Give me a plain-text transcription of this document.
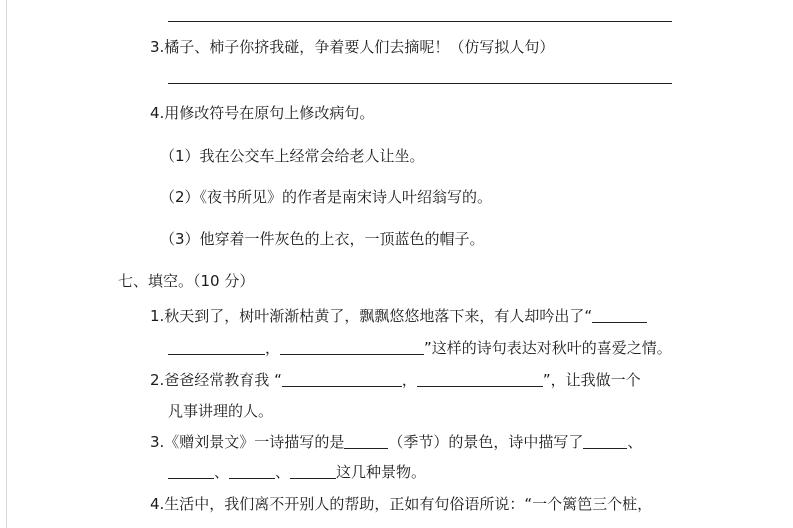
3.橘子、柿子你挤我碰，争着要人们去摘呢！（仿写拟人句）
4.用修改符号在原句上修改病句。
（1）我在公交车上经常会给老人让坐。
（2）《夜书所见》的作者是南宋诗人叶绍翁写的。
（3）他穿着一件灰色的上衣，一顶蓝色的帽子。
七、填空。（10 分）
1.秋天到了，树叶渐渐枯黄了，飘飘悠悠地落下来，有人却吟出了“
，	”这样的诗句表达对秋叶的喜爱之情。
2.爸爸经常教育我 “	，	”，让我做一个
凡事讲理的人。
3.《赠刘景文》一诗描写的是	（季节）的景色，诗中描写了	、
、	、	这几种景物。
4.生活中，我们离不开别人的帮助，正如有句俗语所说：“一个篱笆三个桩，
